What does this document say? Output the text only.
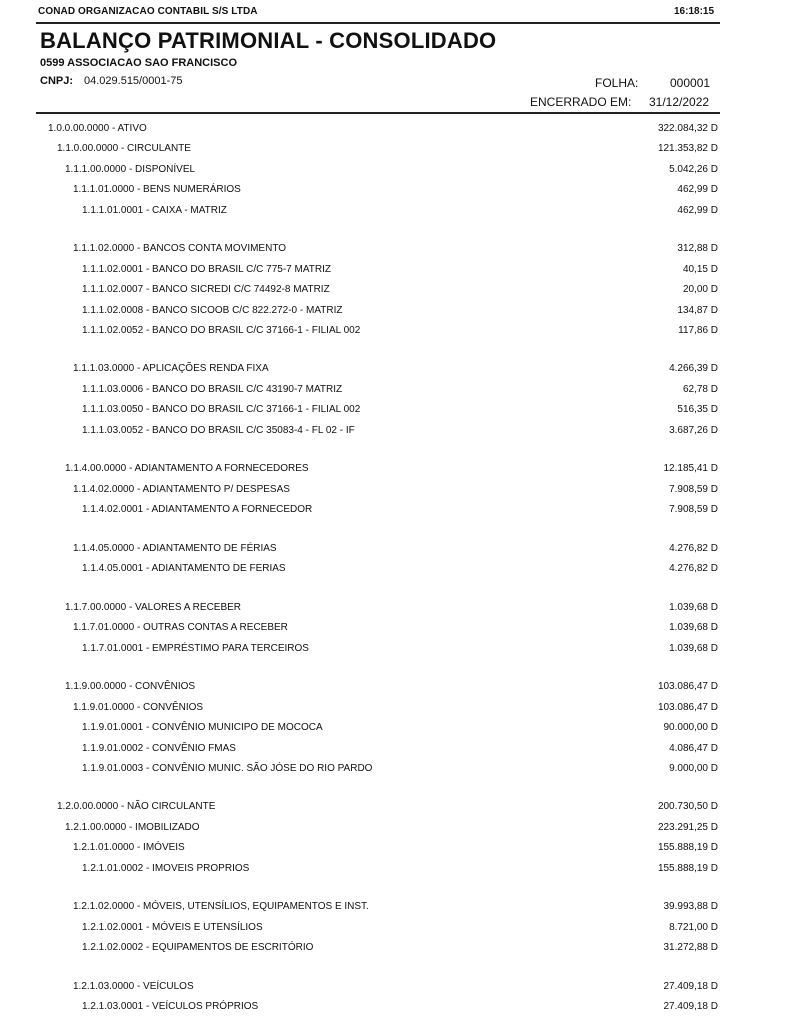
CONAD ORGANIZACAO CONTABIL S/S LTDA	16:18:15
BALANÇO PATRIMONIAL - CONSOLIDADO
0599 ASSOCIACAO SAO FRANCISCO
CNPJ: 04.029.515/0001-75	FOLHA:	000001
ENCERRADO EM: 31/12/2022
1.0.0.00.0000 - ATIVO	322.084,32 D
1.1.0.00.0000 - CIRCULANTE	121.353,82 D
1.1.1.00.0000 - DISPONÍVEL	5.042,26 D
1.1.1.01.0000 - BENS NUMERÁRIOS	462,99 D
1.1.1.01.0001 - CAIXA - MATRIZ	462,99 D
1.1.1.02.0000 - BANCOS CONTA MOVIMENTO	312,88 D
1.1.1.02.0001 - BANCO DO BRASIL C/C 775-7 MATRIZ	40,15 D
1.1.1.02.0007 - BANCO SICREDI C/C 74492-8 MATRIZ	20,00 D
1.1.1.02.0008 - BANCO SICOOB C/C 822.272-0 - MATRIZ	134,87 D
1.1.1.02.0052 - BANCO DO BRASIL C/C 37166-1 - FILIAL 002	117,86 D
1.1.1.03.0000 - APLICAÇÕES RENDA FIXA	4.266,39 D
1.1.1.03.0006 - BANCO DO BRASIL C/C 43190-7 MATRIZ	62,78 D
1.1.1.03.0050 - BANCO DO BRASIL C/C 37166-1 - FILIAL 002	516,35 D
1.1.1.03.0052 - BANCO DO BRASIL C/C 35083-4 - FL 02 - IF	3.687,26 D
1.1.4.00.0000 - ADIANTAMENTO A FORNECEDORES	12.185,41 D
1.1.4.02.0000 - ADIANTAMENTO P/ DESPESAS	7.908,59 D
1.1.4.02.0001 - ADIANTAMENTO A FORNECEDOR	7.908,59 D
1.1.4.05.0000 - ADIANTAMENTO DE FÉRIAS	4.276,82 D
1.1.4.05.0001 - ADIANTAMENTO DE FERIAS	4.276,82 D
1.1.7.00.0000 - VALORES A RECEBER	1.039,68 D
1.1.7.01.0000 - OUTRAS CONTAS A RECEBER	1.039,68 D
1.1.7.01.0001 - EMPRÉSTIMO PARA TERCEIROS	1.039,68 D
1.1.9.00.0000 - CONVÊNIOS	103.086,47 D
1.1.9.01.0000 - CONVÊNIOS	103.086,47 D
1.1.9.01.0001 - CONVÊNIO MUNICIPO DE MOCOCA	90.000,00 D
1.1.9.01.0002 - CONVÊNIO FMAS	4.086,47 D
1.1.9.01.0003 - CONVÊNIO MUNIC. SÃO JÓSE DO RIO PARDO	9.000,00 D
1.2.0.00.0000 - NÃO CIRCULANTE	200.730,50 D
1.2.1.00.0000 - IMOBILIZADO	223.291,25 D
1.2.1.01.0000 - IMÓVEIS	155.888,19 D
1.2.1.01.0002 - IMOVEIS PROPRIOS	155.888,19 D
1.2.1.02.0000 - MÓVEIS, UTENSÍLIOS, EQUIPAMENTOS E INST.	39.993,88 D
1.2.1.02.0001 - MÓVEIS E UTENSÍLIOS	8.721,00 D
1.2.1.02.0002 - EQUIPAMENTOS DE ESCRITÓRIO	31.272,88 D
1.2.1.03.0000 - VEÍCULOS	27.409,18 D
1.2.1.03.0001 - VEÍCULOS PRÓPRIOS	27.409,18 D
